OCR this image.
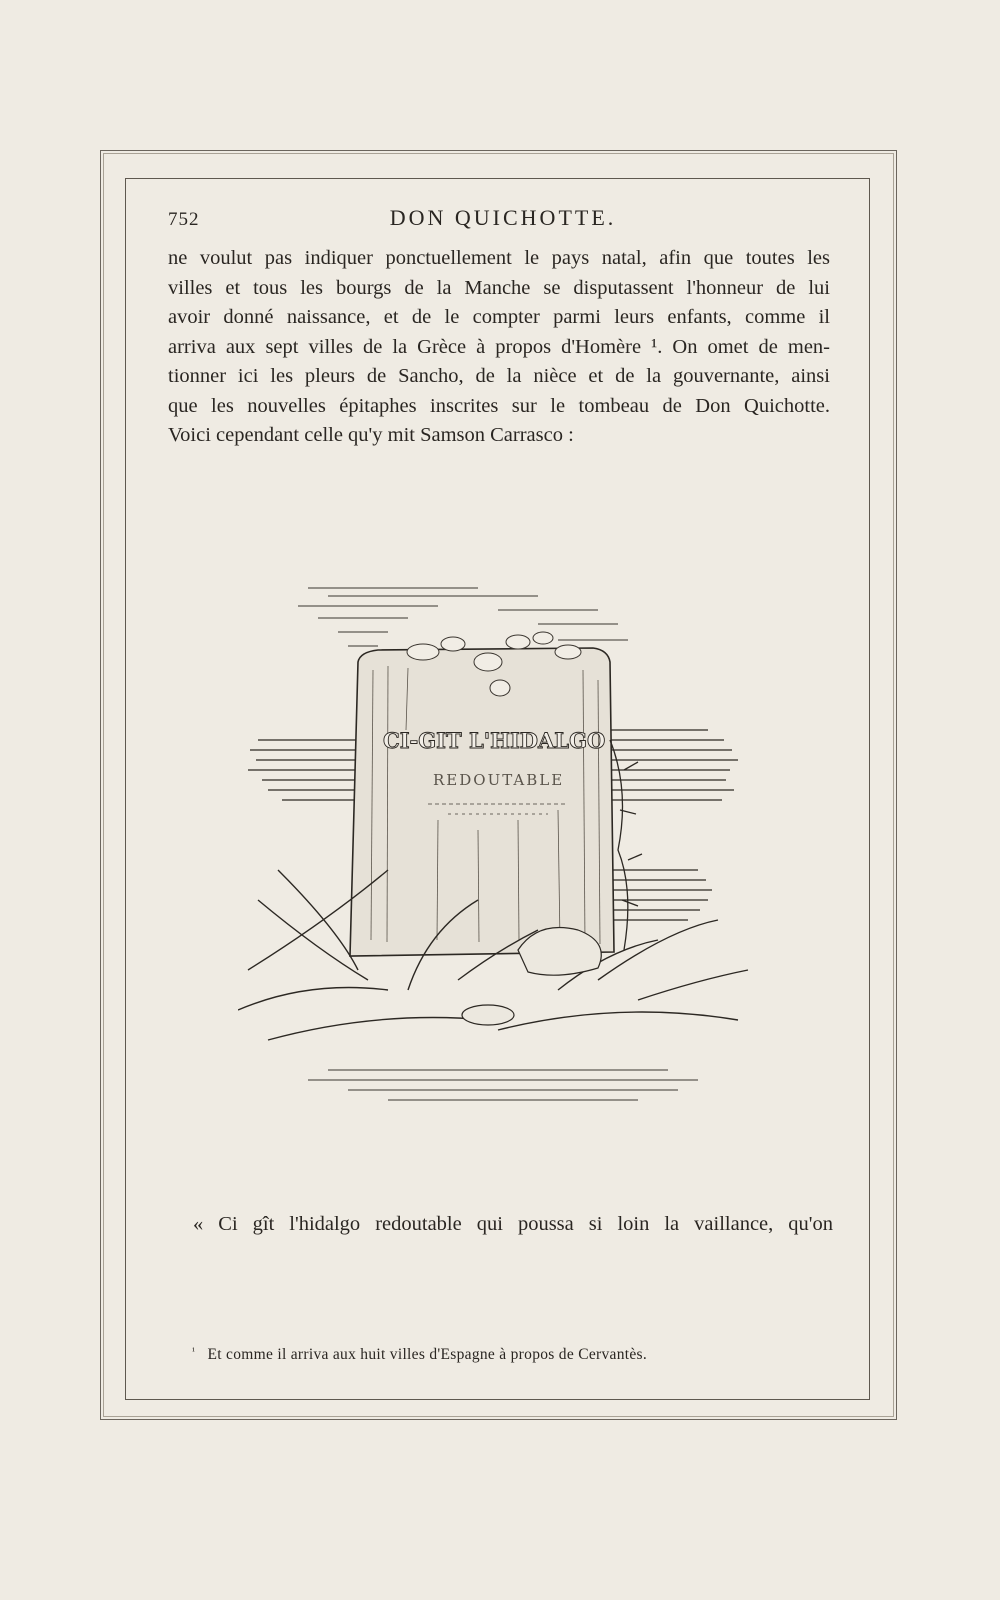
752	DON QUICHOTTE.
ne voulut pas indiquer ponctuellement le pays natal, afin que toutes les
villes et tous les bourgs de la Manche se disputassent l'honneur de lui
avoir donné naissance, et de le compter parmi leurs enfants, comme il
arriva aux sept villes de la Grèce à propos d'Homère ¹. On omet de men-
tionner ici les pleurs de Sancho, de la nièce et de la gouvernante, ainsi
que les nouvelles épitaphes inscrites sur le tombeau de Don Quichotte.
Voici cependant celle qu'y mit Samson Carrasco :
CI-GIT L'HIDALGO
REDOUTABLE
« Ci gît l'hidalgo redoutable qui poussa si loin la vaillance, qu'on
$^{^1}$ Et comme il arriva aux huit villes d'Espagne à propos de Cervantès.
